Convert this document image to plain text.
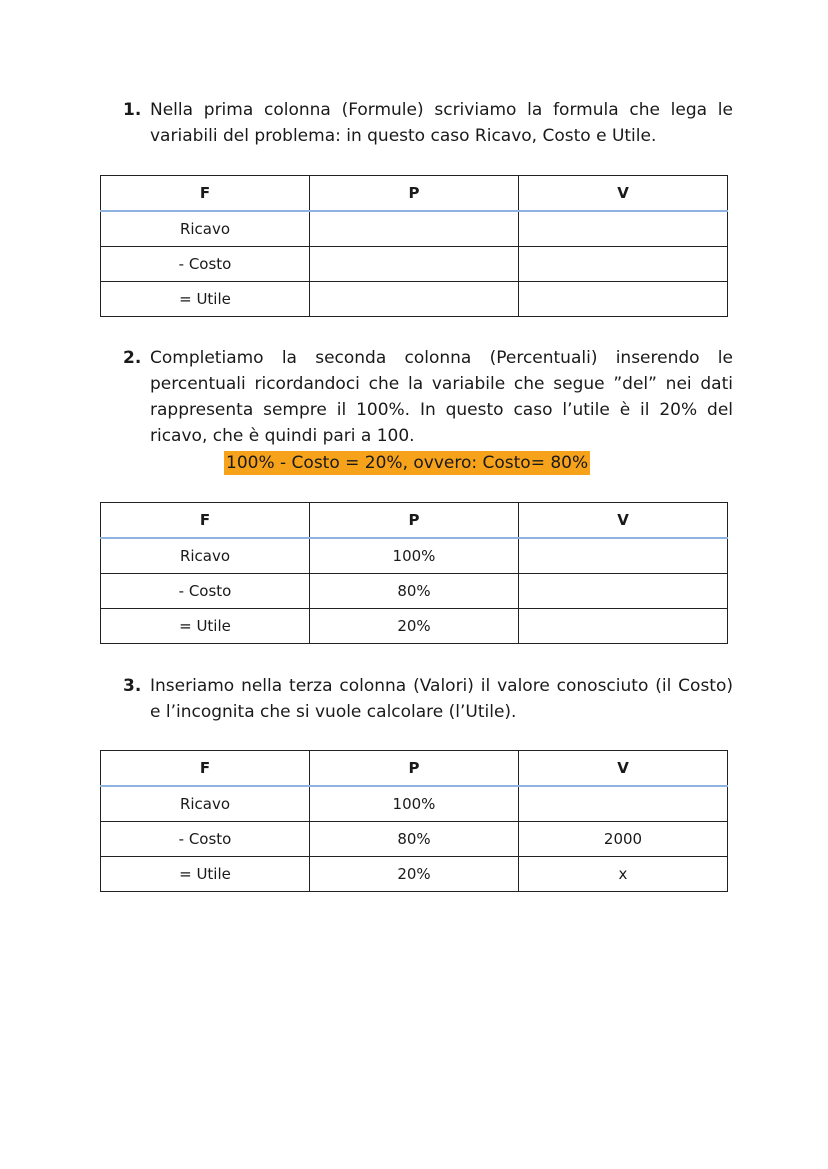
1. Nella prima colonna (Formule) scriviamo la formula che lega le variabili del problema: in questo caso Ricavo, Costo e Utile.
F	P	V
Ricavo		
- Costo		
= Utile		
2. Completiamo la seconda colonna (Percentuali) inserendo le percentuali ricordandoci che la variabile che segue ”del” nei dati rappresenta sempre il 100%. In questo caso l’utile è il 20% del ricavo, che è quindi pari a 100.
100% - Costo = 20%, ovvero: Costo= 80%
F	P	V
Ricavo	100%	
- Costo	80%	
= Utile	20%	
3. Inseriamo nella terza colonna (Valori) il valore conosciuto (il Costo) e l’incognita che si vuole calcolare (l’Utile).
F	P	V
Ricavo	100%	
- Costo	80%	2000
= Utile	20%	x
